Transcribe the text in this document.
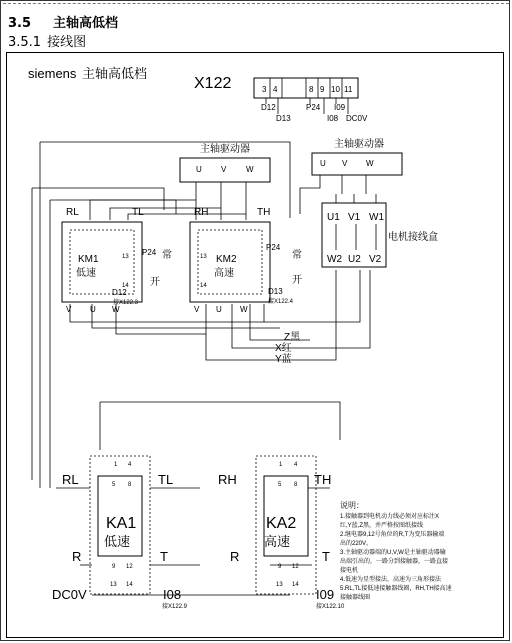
3.5 主轴高低档
3.5.1 接线图
siemens 主轴高低档
X122	3 4	8 9 10 11
D12
D13
P24
I08
I09
DC0V
主轴驱动器
U V W
主轴驱动器
U V W
RL	TL
KM1
低速
13
14
V U W
D12
接X122.3
P24 常
开
RH	TH
KM2
高速
13
14
V U W
P24
常
开
D13
接X122.4
U1 V1 W1
W2 U2 V2
电机接线盒
Z黑
X红
Y蓝
1 4
5 8
KA1
低速
9 12
13 14
RL	TL
R	T
DC0V	I08
接X122.9
1 4
5 8
KA2
高速
9 12
13 14
RH	TH
R	T
I09
接X122.10
说明：
1.接触器到电机动力线必须对应标注X
红,Y蓝,Z黑，并严格按图纸接线
2.继电器9,12号角位的R,T为变压器输端
出的220V。
3.主轴驱动器端的U,V,W是主轴驱动器输
出端引出的，一路分到接触器，一路直接
接电机
4.低速为星型接法，高速为三角形接法
5.RL,TL接低速接触器线圈，RH,TH接高速
接触器线圈
